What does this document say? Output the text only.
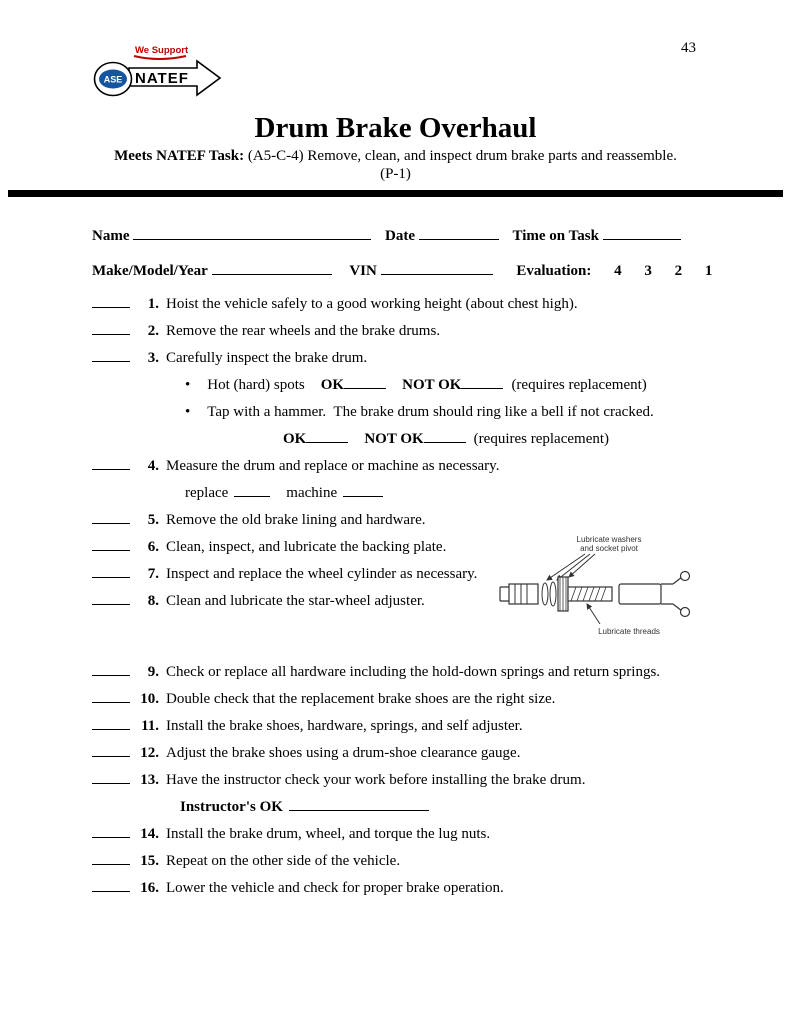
43
We Support
NATEF
ASE
Drum Brake Overhaul
Meets NATEF Task: (A5-C-4) Remove, clean, and inspect drum brake parts and reassemble.
(P-1)
Name	Date	Time on Task
Make/Model/Year	VIN	Evaluation: 4 3 2 1
1. Hoist the vehicle safely to a good working height (about chest high).
2. Remove the rear wheels and the brake drums.
3. Carefully inspect the brake drum.
• Hot (hard) spots OK	NOT OK	(requires replacement)
• Tap with a hammer.  The brake drum should ring like a bell if not cracked.
OK	NOT OK	(requires replacement)
4. Measure the drum and replace or machine as necessary.
replace	machine
5. Remove the old brake lining and hardware.
6. Clean, inspect, and lubricate the backing plate.
7. Inspect and replace the wheel cylinder as necessary.
8. Clean and lubricate the star-wheel adjuster.
9. Check or replace all hardware including the hold-down springs and return springs.
10. Double check that the replacement brake shoes are the right size.
11. Install the brake shoes, hardware, springs, and self adjuster.
12. Adjust the brake shoes using a drum-shoe clearance gauge.
13. Have the instructor check your work before installing the brake drum.
Instructor's OK
14. Install the brake drum, wheel, and torque the lug nuts.
15. Repeat on the other side of the vehicle.
16. Lower the vehicle and check for proper brake operation.
Lubricate washers
and socket pivot
Lubricate threads
